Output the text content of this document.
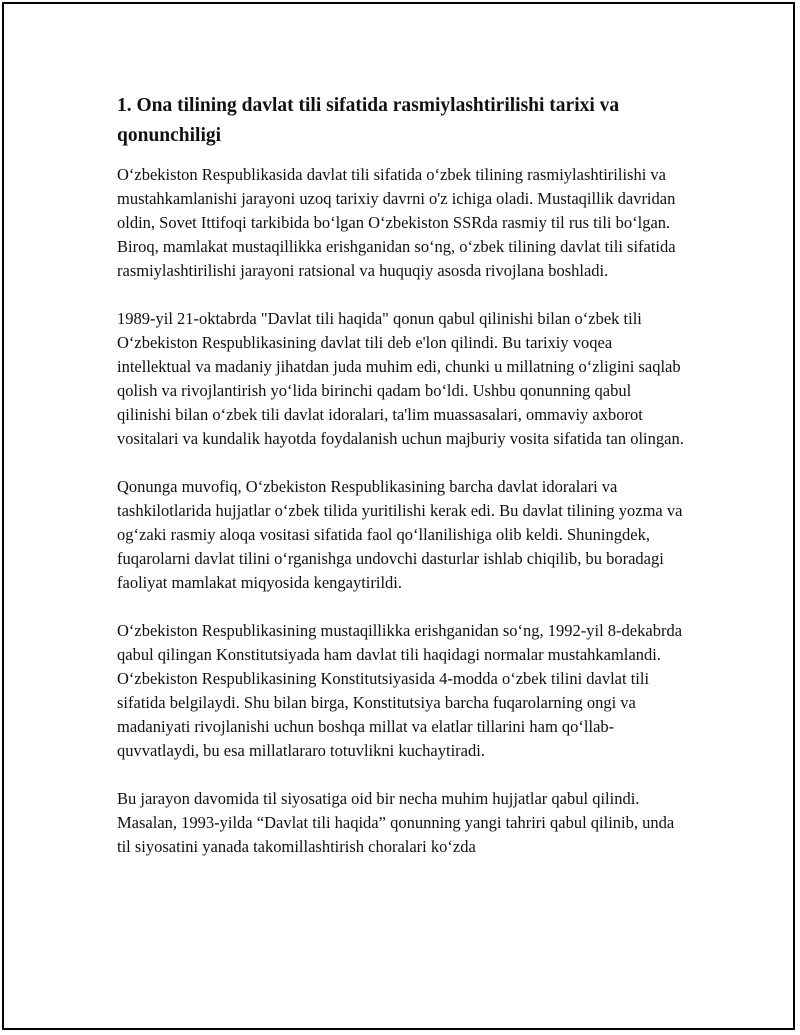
1. Ona tilining davlat tili sifatida rasmiylashtirilishi tarixi va qonunchiligi

O‘zbekiston Respublikasida davlat tili sifatida o‘zbek tilining rasmiylashtirilishi va mustahkamlanishi jarayoni uzoq tarixiy davrni o'z ichiga oladi. Mustaqillik davridan oldin, Sovet Ittifoqi tarkibida bo‘lgan O‘zbekiston SSRda rasmiy til rus tili bo‘lgan. Biroq, mamlakat mustaqillikka erishganidan so‘ng, o‘zbek tilining davlat tili sifatida rasmiylashtirilishi jarayoni ratsional va huquqiy asosda rivojlana boshladi.

1989-yil 21-oktabrda "Davlat tili haqida" qonun qabul qilinishi bilan o‘zbek tili O‘zbekiston Respublikasining davlat tili deb e'lon qilindi. Bu tarixiy voqea intellektual va madaniy jihatdan juda muhim edi, chunki u millatning o‘zligini saqlab qolish va rivojlantirish yo‘lida birinchi qadam bo‘ldi. Ushbu qonunning qabul qilinishi bilan o‘zbek tili davlat idoralari, ta'lim muassasalari, ommaviy axborot vositalari va kundalik hayotda foydalanish uchun majburiy vosita sifatida tan olingan.

Qonunga muvofiq, O‘zbekiston Respublikasining barcha davlat idoralari va tashkilotlarida hujjatlar o‘zbek tilida yuritilishi kerak edi. Bu davlat tilining yozma va og‘zaki rasmiy aloqa vositasi sifatida faol qo‘llanilishiga olib keldi. Shuningdek, fuqarolarni davlat tilini o‘rganishga undovchi dasturlar ishlab chiqilib, bu boradagi faoliyat mamlakat miqyosida kengaytirildi.

O‘zbekiston Respublikasining mustaqillikka erishganidan so‘ng, 1992-yil 8-dekabrda qabul qilingan Konstitutsiyada ham davlat tili haqidagi normalar mustahkamlandi. O‘zbekiston Respublikasining Konstitutsiyasida 4-modda o‘zbek tilini davlat tili sifatida belgilaydi. Shu bilan birga, Konstitutsiya barcha fuqarolarning ongi va madaniyati rivojlanishi uchun boshqa millat va elatlar tillarini ham qo‘llab-quvvatlaydi, bu esa millatlararo totuvlikni kuchaytiradi.

Bu jarayon davomida til siyosatiga oid bir necha muhim hujjatlar qabul qilindi. Masalan, 1993-yilda “Davlat tili haqida” qonunning yangi tahriri qabul qilinib, unda til siyosatini yanada takomillashtirish choralari ko‘zda
